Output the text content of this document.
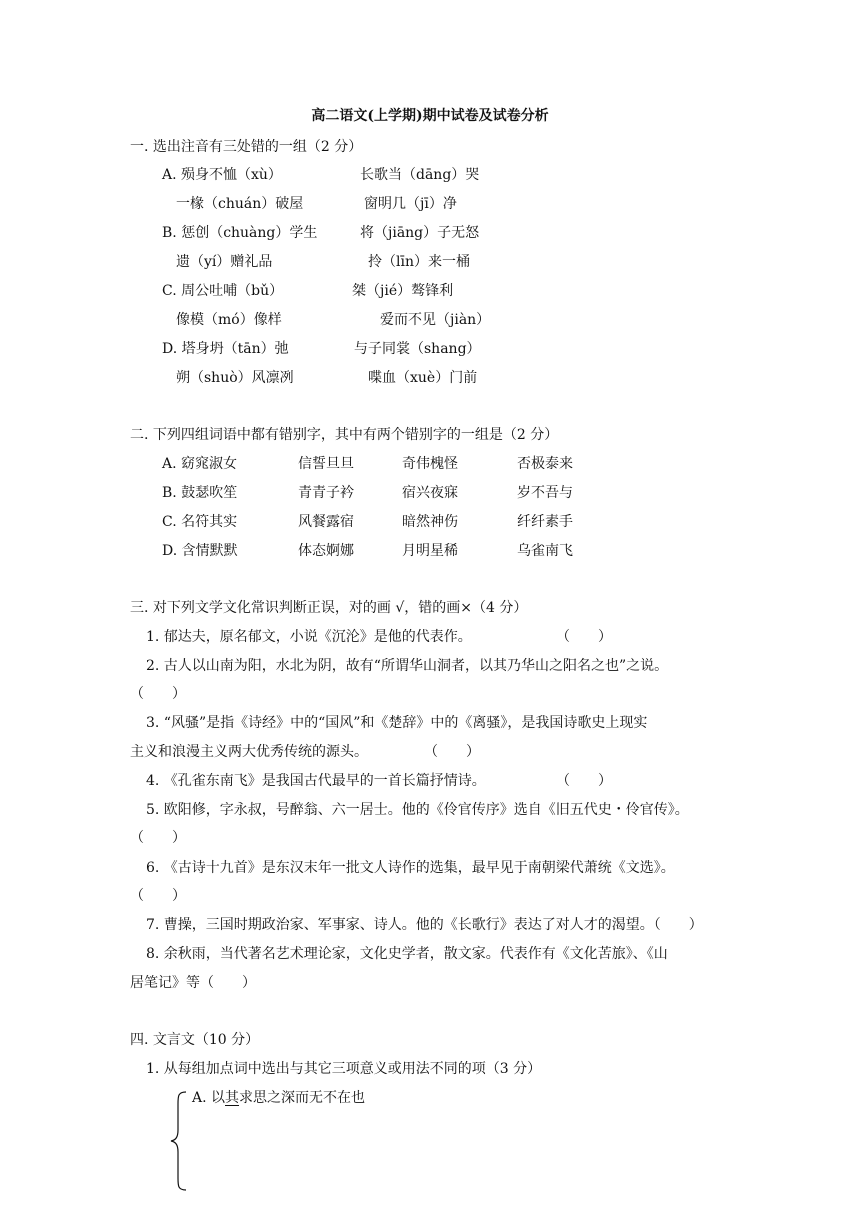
高二语文(上学期)期中试卷及试卷分析
一. 选出注音有三处错的一组（2 分）
A. 殒身不恤（xù）	长歌当（dāng）哭
一椽（chuán）破屋	窗明几（jī）净
B. 惩创（chuàng）学生	将（jiāng）子无怒
遗（yí）赠礼品	拎（līn）来一桶
C. 周公吐哺（bǔ）	桀（jié）骜锋利
像模（mó）像样	爱而不见（jiàn）
D. 塔身坍（tān）弛	与子同裳（shang）
朔（shuò）风凛冽	喋血（xuè）门前
二. 下列四组词语中都有错别字，其中有两个错别字的一组是（2 分）
A. 窈窕淑女	信誓旦旦	奇伟槐怪	否极泰来
B. 鼓瑟吹笙	青青子衿	宿兴夜寐	岁不吾与
C. 名符其实	风餐露宿	暗然神伤	纤纤素手
D. 含情默默	体态婀娜	月明星稀	乌雀南飞
三. 对下列文学文化常识判断正误，对的画 √，错的画×（4 分）
1. 郁达夫，原名郁文，小说《沉沦》是他的代表作。	（　　）
2. 古人以山南为阳，水北为阴，故有“所谓华山洞者，以其乃华山之阳名之也”之说。
（　　）
3. “风骚”是指《诗经》中的“国风”和《楚辞》中的《离骚》，是我国诗歌史上现实
主义和浪漫主义两大优秀传统的源头。	（　　）
4. 《孔雀东南飞》是我国古代最早的一首长篇抒情诗。	（　　）
5. 欧阳修，字永叔，号醉翁、六一居士。他的《伶官传序》选自《旧五代史・伶官传》。
（　　）
6. 《古诗十九首》是东汉末年一批文人诗作的选集，最早见于南朝梁代萧统《文选》。
（　　）
7. 曹操，三国时期政治家、军事家、诗人。他的《长歌行》表达了对人才的渴望。（　　）
8. 余秋雨，当代著名艺术理论家，文化史学者，散文家。代表作有《文化苦旅》、《山
居笔记》等（　　）
四. 文言文（10 分）
1. 从每组加点词中选出与其它三项意义或用法不同的项（3 分）
A. 以其求思之深而无不在也
